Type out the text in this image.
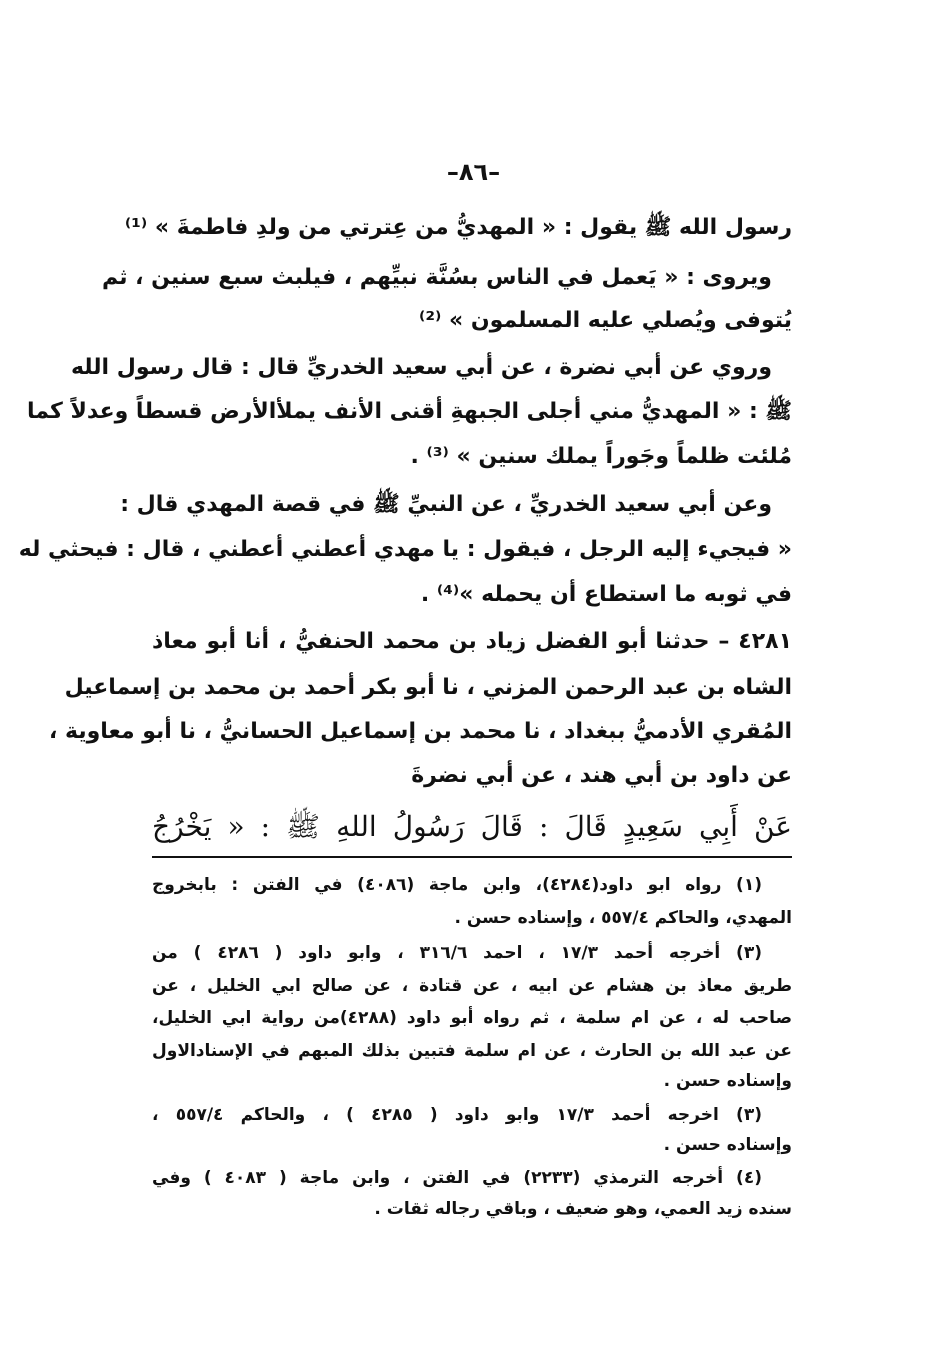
–٨٦–
رسول الله ﷺ يقول : « المهديُّ من عِترتي من ولدِ فاطمةَ » ⁽¹⁾
ويروى : « يَعمل في الناس بسُنَّة نبيِّهم ، فيلبث سبع سنين ، ثم
يُتوفى ويُصلي عليه المسلمون » ⁽²⁾
وروي عن أبي نضرة ، عن أبي سعيد الخدريِّ قال : قال رسول الله
ﷺ : « المهديُّ مني أجلى الجبهةِ أقنى الأنف يملأالأرض قسطاً وعدلاً كما
مُلئت ظلماً وجَوراً يملك سنين » ⁽³⁾ .
وعن أبي سعيد الخدريِّ ، عن النبيِّ ﷺ في قصة المهدي قال :
« فيجيء إليه الرجل ، فيقول : يا مهدي أعطني أعطني ، قال : فيحثي له
في ثوبه ما استطاع أن يحمله »⁽⁴⁾ .
٤٢٨١ – حدثنا أبو الفضل زياد بن محمد الحنفيُّ ، أنا أبو معاذ
الشاه بن عبد الرحمن المزني ، نا أبو بكر أحمد بن محمد بن إسماعيل
المُقري الأدميُّ ببغداد ، نا محمد بن إسماعيل الحسانيُّ ، نا أبو معاوية ،
عن داود بن أبي هند ، عن أبي نضرةَ
عَنْ أَبِي سَعِيدٍ قَالَ : قَالَ رَسُولُ اللهِ ﷺ : « يَخْرُجُ
(١) رواه ابو داود(٤٢٨٤)، وابن ماجة (٤٠٨٦) في الفتن : بابخروج
المهدي، والحاكم ٥٥٧/٤ ، وإسناده حسن .
(٣) أخرجه أحمد ١٧/٣ ، احمد ٣١٦/٦ ، وابو داود ( ٤٢٨٦ ) من
طريق معاذ بن هشام عن ابيه ، عن قتادة ، عن صالح ابي الخليل ، عن
صاحب له ، عن ام سلمة ، ثم رواه أبو داود (٤٢٨٨)من رواية ابي الخليل،
عن عبد الله بن الحارث ، عن ام سلمة فتبين بذلك المبهم في الإسنادالاول
وإسناده حسن .
(٣) اخرجه أحمد ١٧/٣ وابو داود ( ٤٢٨٥ ) ، والحاكم ٥٥٧/٤ ،
وإسناده حسن .
(٤) أخرجه الترمذي (٢٢٣٣) في الفتن ، وابن ماجة ( ٤٠٨٣ ) وفي
سنده زيد العمي، وهو ضعيف ، وباقي رجاله ثقات .
